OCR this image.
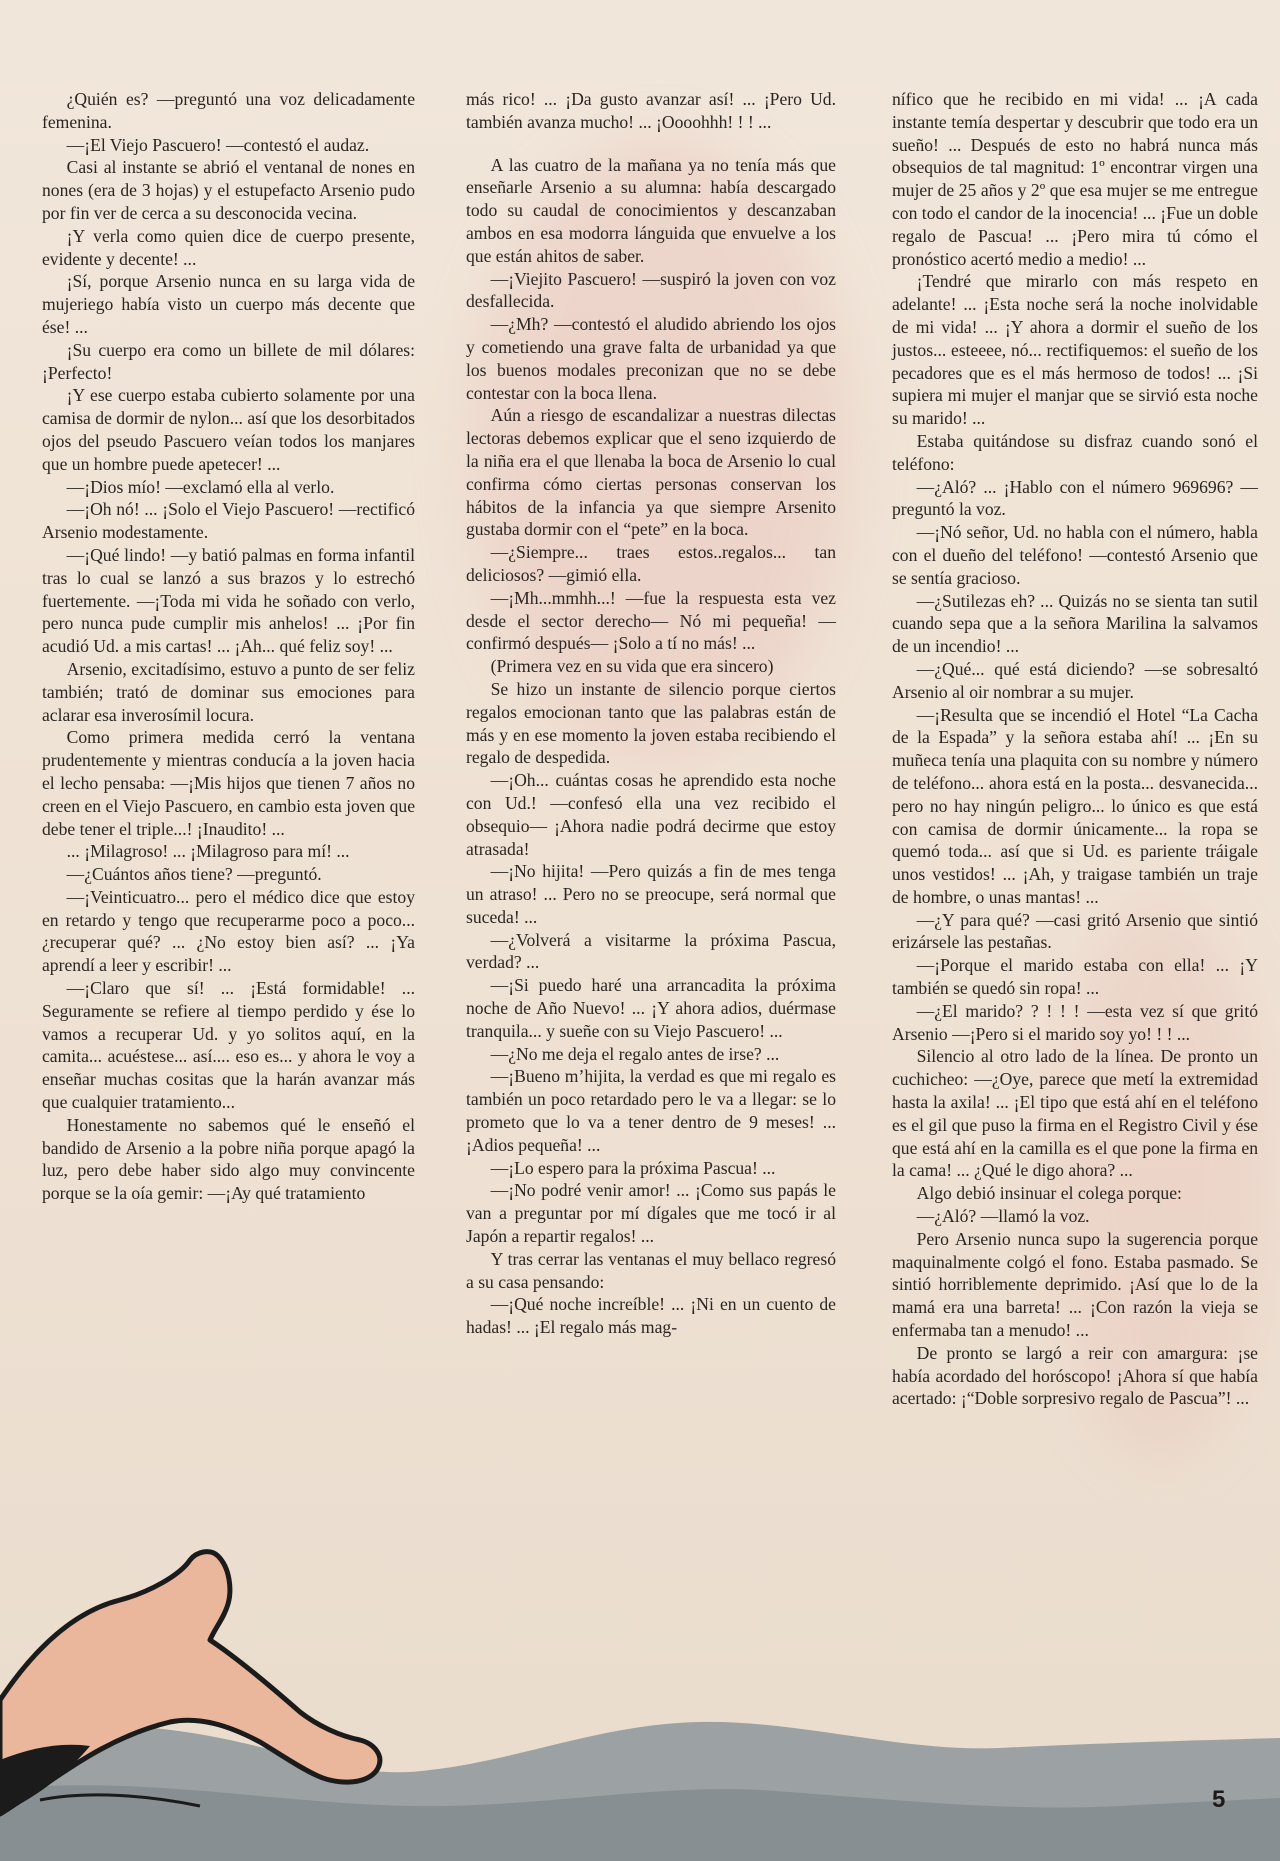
¿Quién es? —preguntó una voz delicadamente femenina.

—¡El Viejo Pascuero! —contestó el audaz.

Casi al instante se abrió el ventanal de nones en nones (era de 3 hojas) y el estupefacto Arsenio pudo por fin ver de cerca a su desconocida vecina.

¡Y verla como quien dice de cuerpo presente, evidente y decente! ...

¡Sí, porque Arsenio nunca en su larga vida de mujeriego había visto un cuerpo más decente que ése! ...

¡Su cuerpo era como un billete de mil dólares: ¡Perfecto!

¡Y ese cuerpo estaba cubierto solamente por una camisa de dormir de nylon... así que los desorbitados ojos del pseudo Pascuero veían todos los manjares que un hombre puede apetecer! ...

—¡Dios mío! —exclamó ella al verlo.

—¡Oh nó! ... ¡Solo el Viejo Pascuero! —rectificó Arsenio modestamente.

—¡Qué lindo! —y batió palmas en forma infantil tras lo cual se lanzó a sus brazos y lo estrechó fuertemente. —¡Toda mi vida he soñado con verlo, pero nunca pude cumplir mis anhelos! ... ¡Por fin acudió Ud. a mis cartas! ... ¡Ah... qué feliz soy! ...

Arsenio, excitadísimo, estuvo a punto de ser feliz también; trató de dominar sus emociones para aclarar esa inverosímil locura.

Como primera medida cerró la ventana prudentemente y mientras conducía a la joven hacia el lecho pensaba: —¡Mis hijos que tienen 7 años no creen en el Viejo Pascuero, en cambio esta joven que debe tener el triple...! ¡Inaudito! ...

... ¡Milagroso! ... ¡Milagroso para mí! ...

—¿Cuántos años tiene? —preguntó.

—¡Veinticuatro... pero el médico dice que estoy en retardo y tengo que recuperarme poco a poco... ¿recuperar qué? ... ¿No estoy bien así? ... ¡Ya aprendí a leer y escribir! ...

—¡Claro que sí! ... ¡Está formidable! ... Seguramente se refiere al tiempo perdido y ése lo vamos a recuperar Ud. y yo solitos aquí, en la camita... acuéstese... así.... eso es... y ahora le voy a enseñar muchas cositas que la harán avanzar más que cualquier tratamiento...

Honestamente no sabemos qué le enseñó el bandido de Arsenio a la pobre niña porque apagó la luz, pero debe haber sido algo muy convincente porque se la oía gemir: —¡Ay qué tratamiento

más rico! ... ¡Da gusto avanzar así! ... ¡Pero Ud. también avanza mucho! ... ¡Oooohhh! ! ! ...

A las cuatro de la mañana ya no tenía más que enseñarle Arsenio a su alumna: había descargado todo su caudal de conocimientos y descanzaban ambos en esa modorra lánguida que envuelve a los que están ahitos de saber.

—¡Viejito Pascuero! —suspiró la joven con voz desfallecida.

—¿Mh? —contestó el aludido abriendo los ojos y cometiendo una grave falta de urbanidad ya que los buenos modales preconizan que no se debe contestar con la boca llena.

Aún a riesgo de escandalizar a nuestras dilectas lectoras debemos explicar que el seno izquierdo de la niña era el que llenaba la boca de Arsenio lo cual confirma cómo ciertas personas conservan los hábitos de la infancia ya que siempre Arsenito gustaba dormir con el “pete” en la boca.

—¿Siempre... traes estos..regalos... tan deliciosos? —gimió ella.

—¡Mh...mmhh...! —fue la respuesta esta vez desde el sector derecho— Nó mi pequeña! —confirmó después— ¡Solo a tí no más! ...

(Primera vez en su vida que era sincero)

Se hizo un instante de silencio porque ciertos regalos emocionan tanto que las palabras están de más y en ese momento la joven estaba recibiendo el regalo de despedida.

—¡Oh... cuántas cosas he aprendido esta noche con Ud.! —confesó ella una vez recibido el obsequio— ¡Ahora nadie podrá decirme que estoy atrasada!

—¡No hijita! —Pero quizás a fin de mes tenga un atraso! ... Pero no se preocupe, será normal que suceda! ...

—¿Volverá a visitarme la próxima Pascua, verdad? ...

—¡Si puedo haré una arrancadita la próxima noche de Año Nuevo! ... ¡Y ahora adios, duérmase tranquila... y sueñe con su Viejo Pascuero! ...

—¿No me deja el regalo antes de irse? ...

—¡Bueno m’hijita, la verdad es que mi regalo es también un poco retardado pero le va a llegar: se lo prometo que lo va a tener dentro de 9 meses! ... ¡Adios pequeña! ...

—¡Lo espero para la próxima Pascua! ...

—¡No podré venir amor! ... ¡Como sus papás le van a preguntar por mí dígales que me tocó ir al Japón a repartir regalos! ...

Y tras cerrar las ventanas el muy bellaco regresó a su casa pensando:

—¡Qué noche increíble! ... ¡Ni en un cuento de hadas! ... ¡El regalo más mag-

nífico que he recibido en mi vida! ... ¡A cada instante temía despertar y descubrir que todo era un sueño! ... Después de esto no habrá nunca más obsequios de tal magnitud: 1º encontrar virgen una mujer de 25 años y 2º que esa mujer se me entregue con todo el candor de la inocencia! ... ¡Fue un doble regalo de Pascua! ... ¡Pero mira tú cómo el pronóstico acertó medio a medio! ...

¡Tendré que mirarlo con más respeto en adelante! ... ¡Esta noche será la noche inolvidable de mi vida! ... ¡Y ahora a dormir el sueño de los justos... esteeee, nó... rectifiquemos: el sueño de los pecadores que es el más hermoso de todos! ... ¡Si supiera mi mujer el manjar que se sirvió esta noche su marido! ...

Estaba quitándose su disfraz cuando sonó el teléfono:

—¿Aló? ... ¡Hablo con el número 969696? —preguntó la voz.

—¡Nó señor, Ud. no habla con el número, habla con el dueño del teléfono! —contestó Arsenio que se sentía gracioso.

—¿Sutilezas eh? ... Quizás no se sienta tan sutil cuando sepa que a la señora Marilina la salvamos de un incendio! ...

—¿Qué... qué está diciendo? —se sobresaltó Arsenio al oir nombrar a su mujer.

—¡Resulta que se incendió el Hotel “La Cacha de la Espada” y la señora estaba ahí! ... ¡En su muñeca tenía una plaquita con su nombre y número de teléfono... ahora está en la posta... desvanecida... pero no hay ningún peligro... lo único es que está con camisa de dormir únicamente... la ropa se quemó toda... así que si Ud. es pariente tráigale unos vestidos! ... ¡Ah, y traigase también un traje de hombre, o unas mantas! ...

—¿Y para qué? —casi gritó Arsenio que sintió erizársele las pestañas.

—¡Porque el marido estaba con ella! ... ¡Y también se quedó sin ropa! ...

—¿El marido? ? ! ! ! —esta vez sí que gritó Arsenio —¡Pero si el marido soy yo! ! ! ...

Silencio al otro lado de la línea. De pronto un cuchicheo: —¿Oye, parece que metí la extremidad hasta la axila! ... ¡El tipo que está ahí en el teléfono es el gil que puso la firma en el Registro Civil y ése que está ahí en la camilla es el que pone la firma en la cama! ... ¿Qué le digo ahora? ...

Algo debió insinuar el colega porque:

—¿Aló? —llamó la voz.

Pero Arsenio nunca supo la sugerencia porque maquinalmente colgó el fono. Estaba pasmado. Se sintió horriblemente deprimido. ¡Así que lo de la mamá era una barreta! ... ¡Con razón la vieja se enfermaba tan a menudo! ...

De pronto se largó a reir con amargura: ¡se había acordado del horóscopo! ¡Ahora sí que había acertado: ¡“Doble sorpresivo regalo de Pascua”! ...

5
